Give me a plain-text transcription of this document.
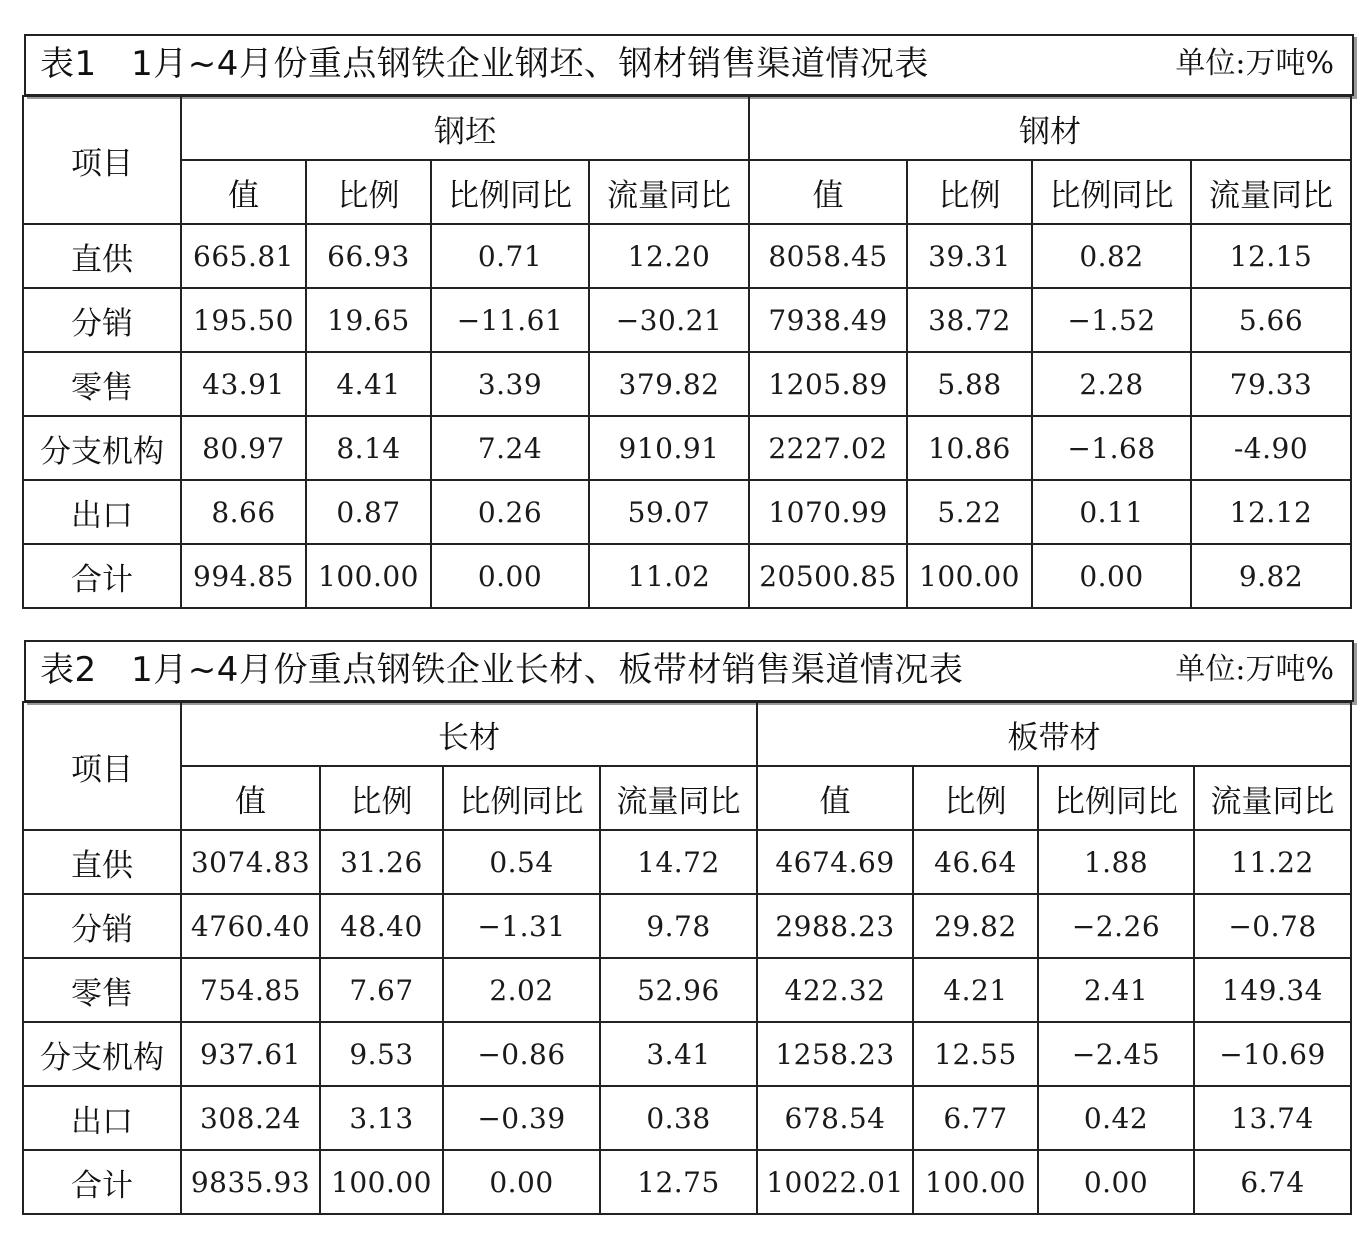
表1　1月~4月份重点钢铁企业钢坯、钢材销售渠道情况表	单位:万吨%
项目	钢坯				钢材			
	值	比例	比例同比	流量同比	值	比例	比例同比	流量同比
直供	665.81	66.93	0.71	12.20	8058.45	39.31	0.82	12.15
分销	195.50	19.65	−11.61	−30.21	7938.49	38.72	−1.52	5.66
零售	43.91	4.41	3.39	379.82	1205.89	5.88	2.28	79.33
分支机构	80.97	8.14	7.24	910.91	2227.02	10.86	−1.68	-4.90
出口	8.66	0.87	0.26	59.07	1070.99	5.22	0.11	12.12
合计	994.85	100.00	0.00	11.02	20500.85	100.00	0.00	9.82
表2　1月~4月份重点钢铁企业长材、板带材销售渠道情况表	单位:万吨%
项目	长材				板带材			
	值	比例	比例同比	流量同比	值	比例	比例同比	流量同比
直供	3074.83	31.26	0.54	14.72	4674.69	46.64	1.88	11.22
分销	4760.40	48.40	−1.31	9.78	2988.23	29.82	−2.26	−0.78
零售	754.85	7.67	2.02	52.96	422.32	4.21	2.41	149.34
分支机构	937.61	9.53	−0.86	3.41	1258.23	12.55	−2.45	−10.69
出口	308.24	3.13	−0.39	0.38	678.54	6.77	0.42	13.74
合计	9835.93	100.00	0.00	12.75	10022.01	100.00	0.00	6.74
